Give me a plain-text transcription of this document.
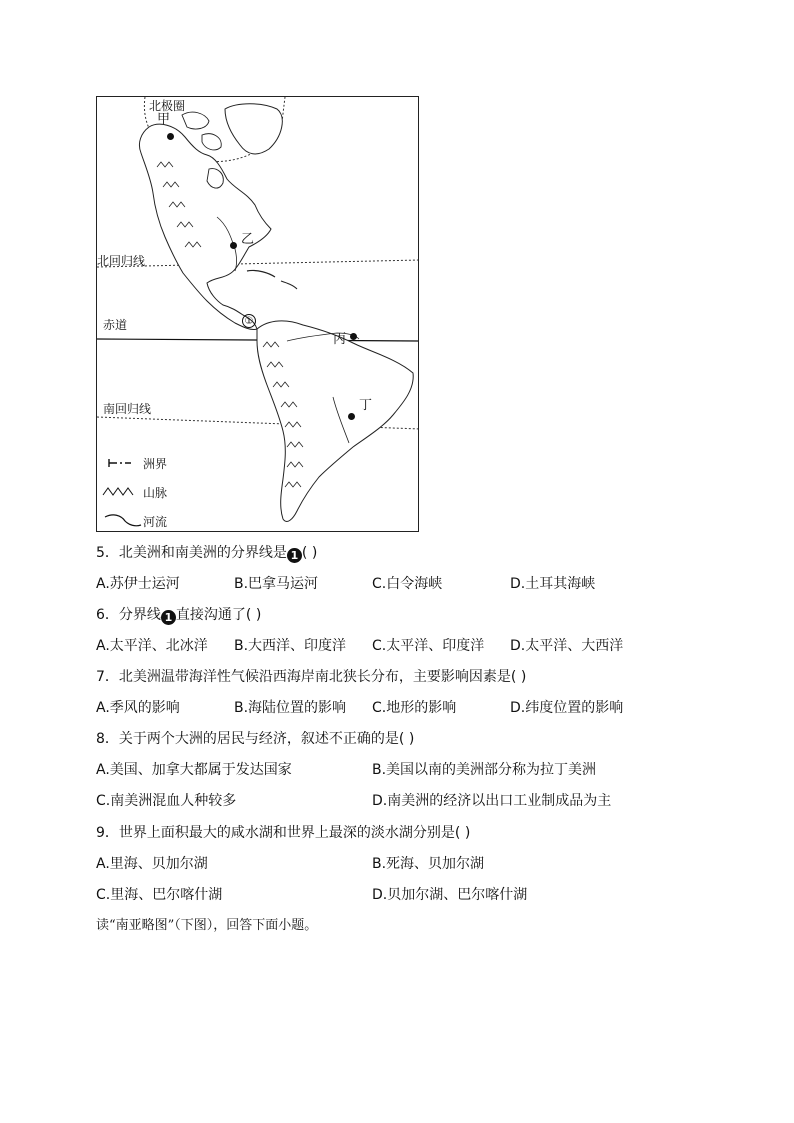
北极圈
北回归线
赤道
南回归线
甲
乙
丙
丁
①
洲界
山脉
河流
5．北美洲和南美洲的分界线是 1 ( )
A.苏伊士运河	B.巴拿马运河	C.白令海峡	D.土耳其海峡
6．分界线 1 直接沟通了( )
A.太平洋、北冰洋 B.大西洋、印度洋 C.太平洋、印度洋 D.太平洋、大西洋
7．北美洲温带海洋性气候沿西海岸南北狭长分布，主要影响因素是( )
A.季风的影响	B.海陆位置的影响 C.地形的影响	D.纬度位置的影响
8．关于两个大洲的居民与经济，叙述不正确的是( )
A.美国、加拿大都属于发达国家	B.美国以南的美洲部分称为拉丁美洲
C.南美洲混血人种较多	D.南美洲的经济以出口工业制成品为主
9．世界上面积最大的咸水湖和世界上最深的淡水湖分别是( )
A.里海、贝加尔湖	B.死海、贝加尔湖
C.里海、巴尔喀什湖	D.贝加尔湖、巴尔喀什湖
读“南亚略图”（下图），回答下面小题。
